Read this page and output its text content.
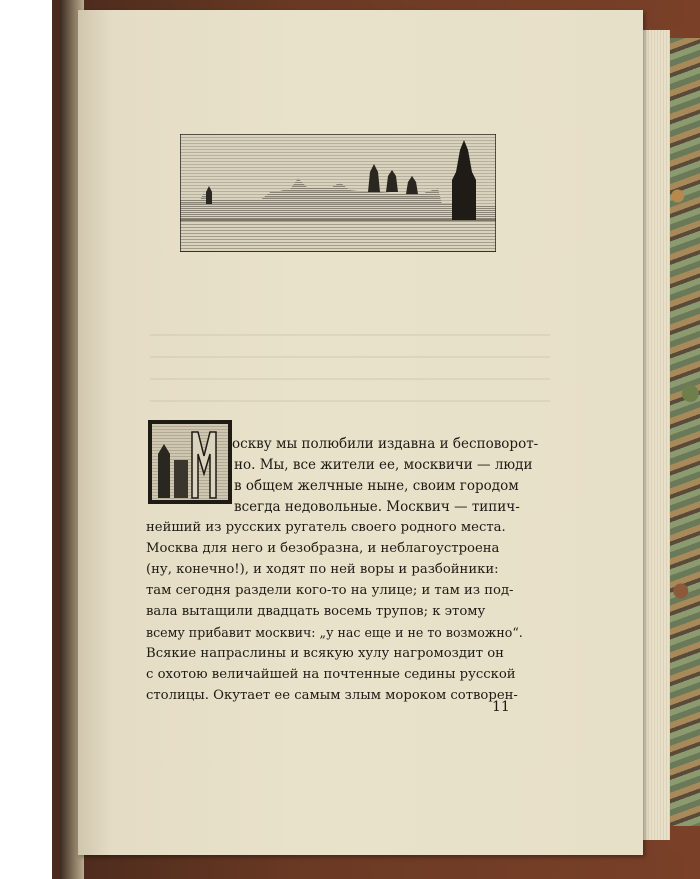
оскву мы полюбили издавна и бесповорот-
но. Мы, все жители ее, москвичи — люди
в общем желчные ныне, своим городом
всегда недовольные. Москвич — типич-
нейший из русских ругатель своего родного места.
Москва для него и безобразна, и неблагоустроена
(ну, конечно!), и ходят по ней воры и разбойники:
там сегодня раздели кого-то на улице; и там из под-
вала вытащили двадцать восемь трупов; к этому
всему прибавит москвич: „у нас еще и не то возможно“.
Всякие напраслины и всякую хулу нагромоздит он
с охотою величайшей на почтенные седины русской
столицы. Окутает ее самым злым мороком сотворен-
11
